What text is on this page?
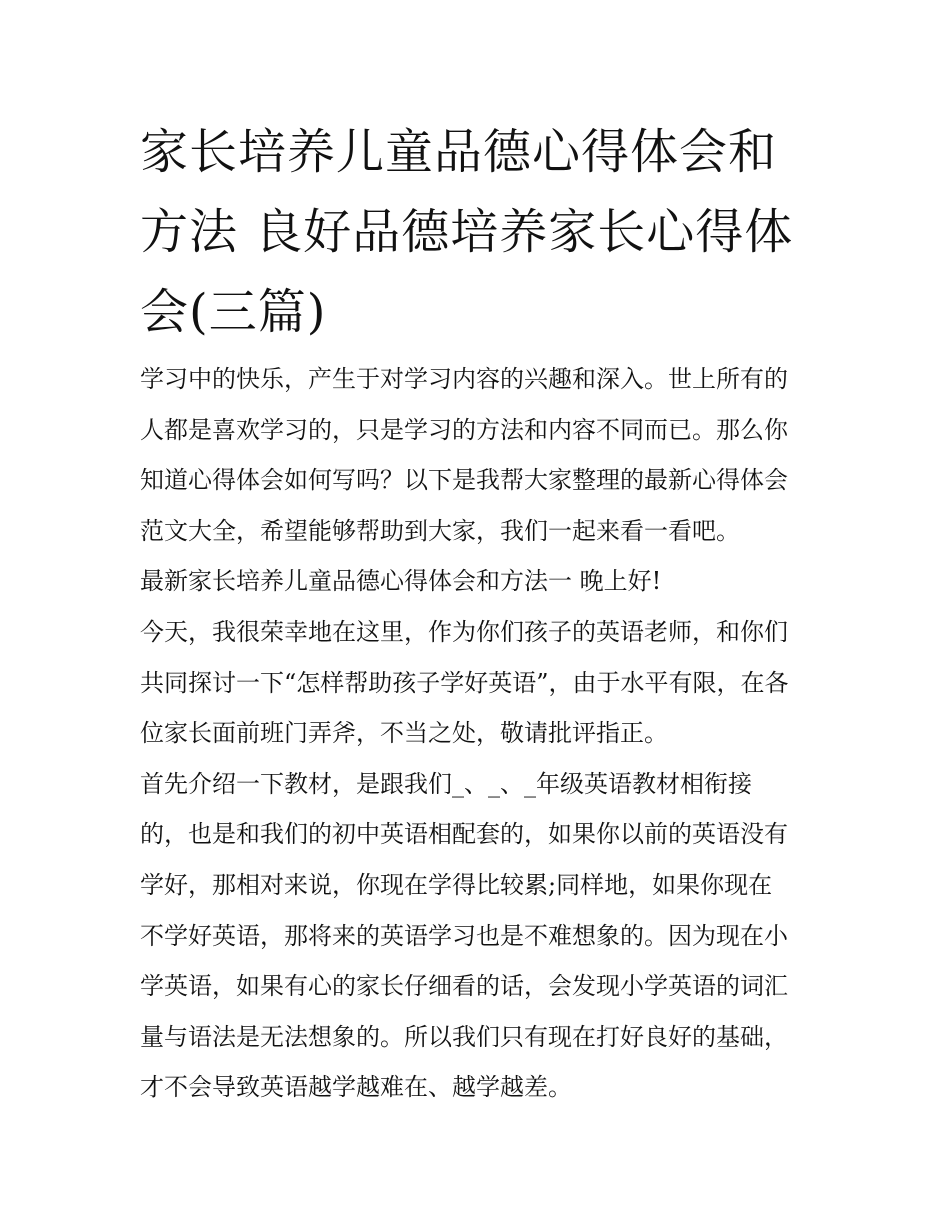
家长培养儿童品德心得体会和
方法 良好品德培养家长心得体
会(三篇)

学习中的快乐，产生于对学习内容的兴趣和深入。世上所有的
人都是喜欢学习的，只是学习的方法和内容不同而已。那么你
知道心得体会如何写吗？以下是我帮大家整理的最新心得体会
范文大全，希望能够帮助到大家，我们一起来看一看吧。

最新家长培养儿童品德心得体会和方法一 晚上好!

今天，我很荣幸地在这里，作为你们孩子的英语老师，和你们
共同探讨一下“怎样帮助孩子学好英语”，由于水平有限，在各
位家长面前班门弄斧，不当之处，敬请批评指正。

首先介绍一下教材，是跟我们_、_、_年级英语教材相衔接
的，也是和我们的初中英语相配套的，如果你以前的英语没有
学好，那相对来说，你现在学得比较累;同样地，如果你现在
不学好英语，那将来的英语学习也是不难想象的。因为现在小
学英语，如果有心的家长仔细看的话，会发现小学英语的词汇
量与语法是无法想象的。所以我们只有现在打好良好的基础，
才不会导致英语越学越难在、越学越差。
